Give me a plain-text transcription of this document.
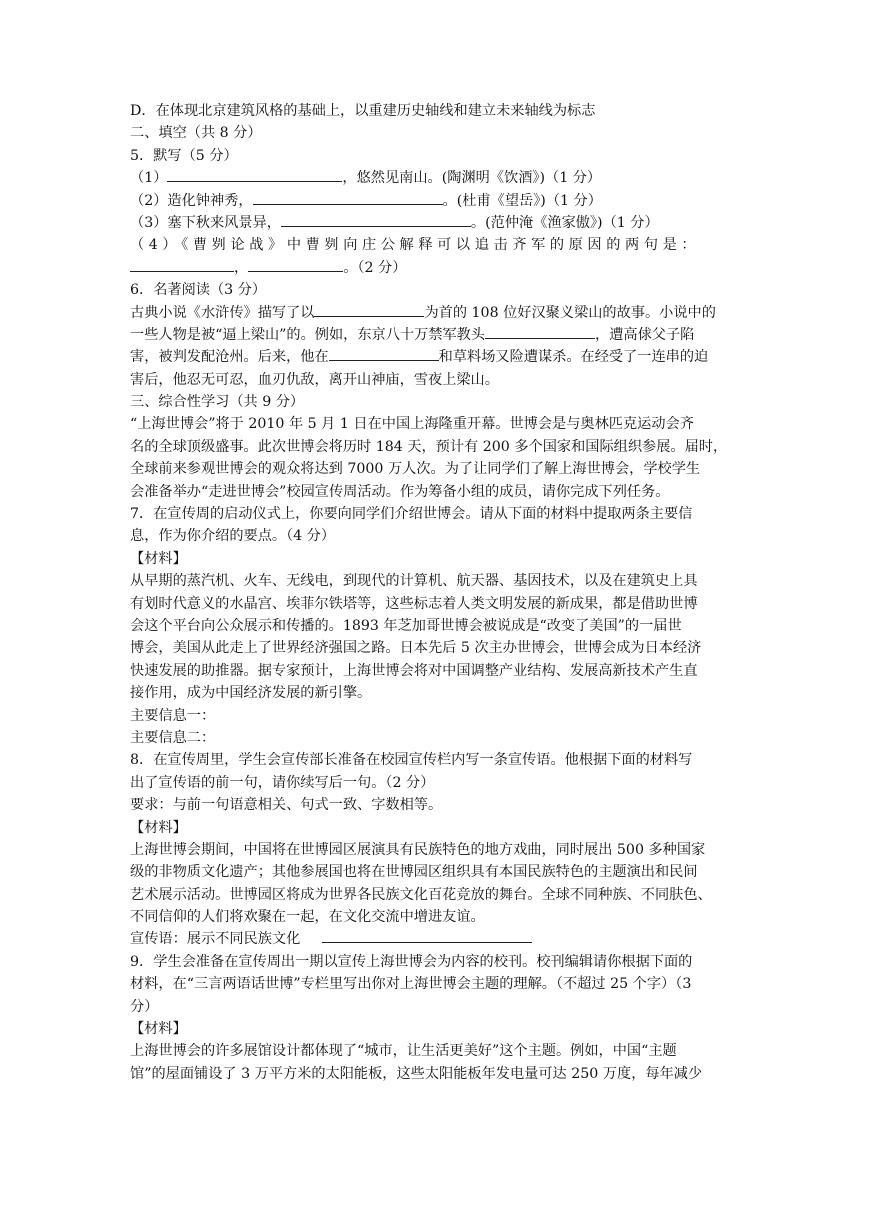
D．在体现北京建筑风格的基础上，以重建历史轴线和建立未来轴线为标志
二、填空（共 8 分）
5．默写（5 分）
（1）	，悠然见南山。(陶渊明《饮酒》)（1 分）
（2）造化钟神秀，	。(杜甫《望岳》)（1 分）
（3）塞下秋来风景异，	。(范仲淹《渔家傲》)（1 分）
（4）《曹刿论战》中曹刿向庄公解释可以追击齐军的原因的两句是：
，	。（2 分）
6．名著阅读（3 分）
古典小说《水浒传》描写了以	为首的 108 位好汉聚义梁山的故事。小说中的
一些人物是被“逼上梁山”的。例如，东京八十万禁军教头	，遭高俅父子陷
害，被判发配沧州。后来，他在	和草料场又险遭谋杀。在经受了一连串的迫
害后，他忍无可忍，血刃仇敌，离开山神庙，雪夜上梁山。
三、综合性学习（共 9 分）
“上海世博会”将于 2010 年 5 月 1 日在中国上海隆重开幕。世博会是与奥林匹克运动会齐
名的全球顶级盛事。此次世博会将历时 184 天，预计有 200 多个国家和国际组织参展。届时，
全球前来参观世博会的观众将达到 7000 万人次。为了让同学们了解上海世博会，学校学生
会准备举办“走进世博会”校园宣传周活动。作为筹备小组的成员，请你完成下列任务。
7．在宣传周的启动仪式上，你要向同学们介绍世博会。请从下面的材料中提取两条主要信
息，作为你介绍的要点。（4 分）
【材料】
从早期的蒸汽机、火车、无线电，到现代的计算机、航天器、基因技术，以及在建筑史上具
有划时代意义的水晶宫、埃菲尔铁塔等，这些标志着人类文明发展的新成果，都是借助世博
会这个平台向公众展示和传播的。1893 年芝加哥世博会被说成是“改变了美国”的一届世
博会，美国从此走上了世界经济强国之路。日本先后 5 次主办世博会，世博会成为日本经济
快速发展的助推器。据专家预计，上海世博会将对中国调整产业结构、发展高新技术产生直
接作用，成为中国经济发展的新引擎。
主要信息一：
主要信息二：
8．在宣传周里，学生会宣传部长准备在校园宣传栏内写一条宣传语。他根据下面的材料写
出了宣传语的前一句，请你续写后一句。（2 分）
要求：与前一句语意相关、句式一致、字数相等。
【材料】
上海世博会期间，中国将在世博园区展演具有民族特色的地方戏曲，同时展出 500 多种国家
级的非物质文化遗产；其他参展国也将在世博园区组织具有本国民族特色的主题演出和民间
艺术展示活动。世博园区将成为世界各民族文化百花竞放的舞台。全球不同种族、不同肤色、
不同信仰的人们将欢聚在一起，在文化交流中增进友谊。
宣传语：展示不同民族文化
9．学生会准备在宣传周出一期以宣传上海世博会为内容的校刊。校刊编辑请你根据下面的
材料，在“三言两语话世博”专栏里写出你对上海世博会主题的理解。（不超过 25 个字）（3
分）
【材料】
上海世博会的许多展馆设计都体现了“城市，让生活更美好”这个主题。例如，中国“主题
馆”的屋面铺设了 3 万平方米的太阳能板，这些太阳能板年发电量可达 250 万度，每年减少
